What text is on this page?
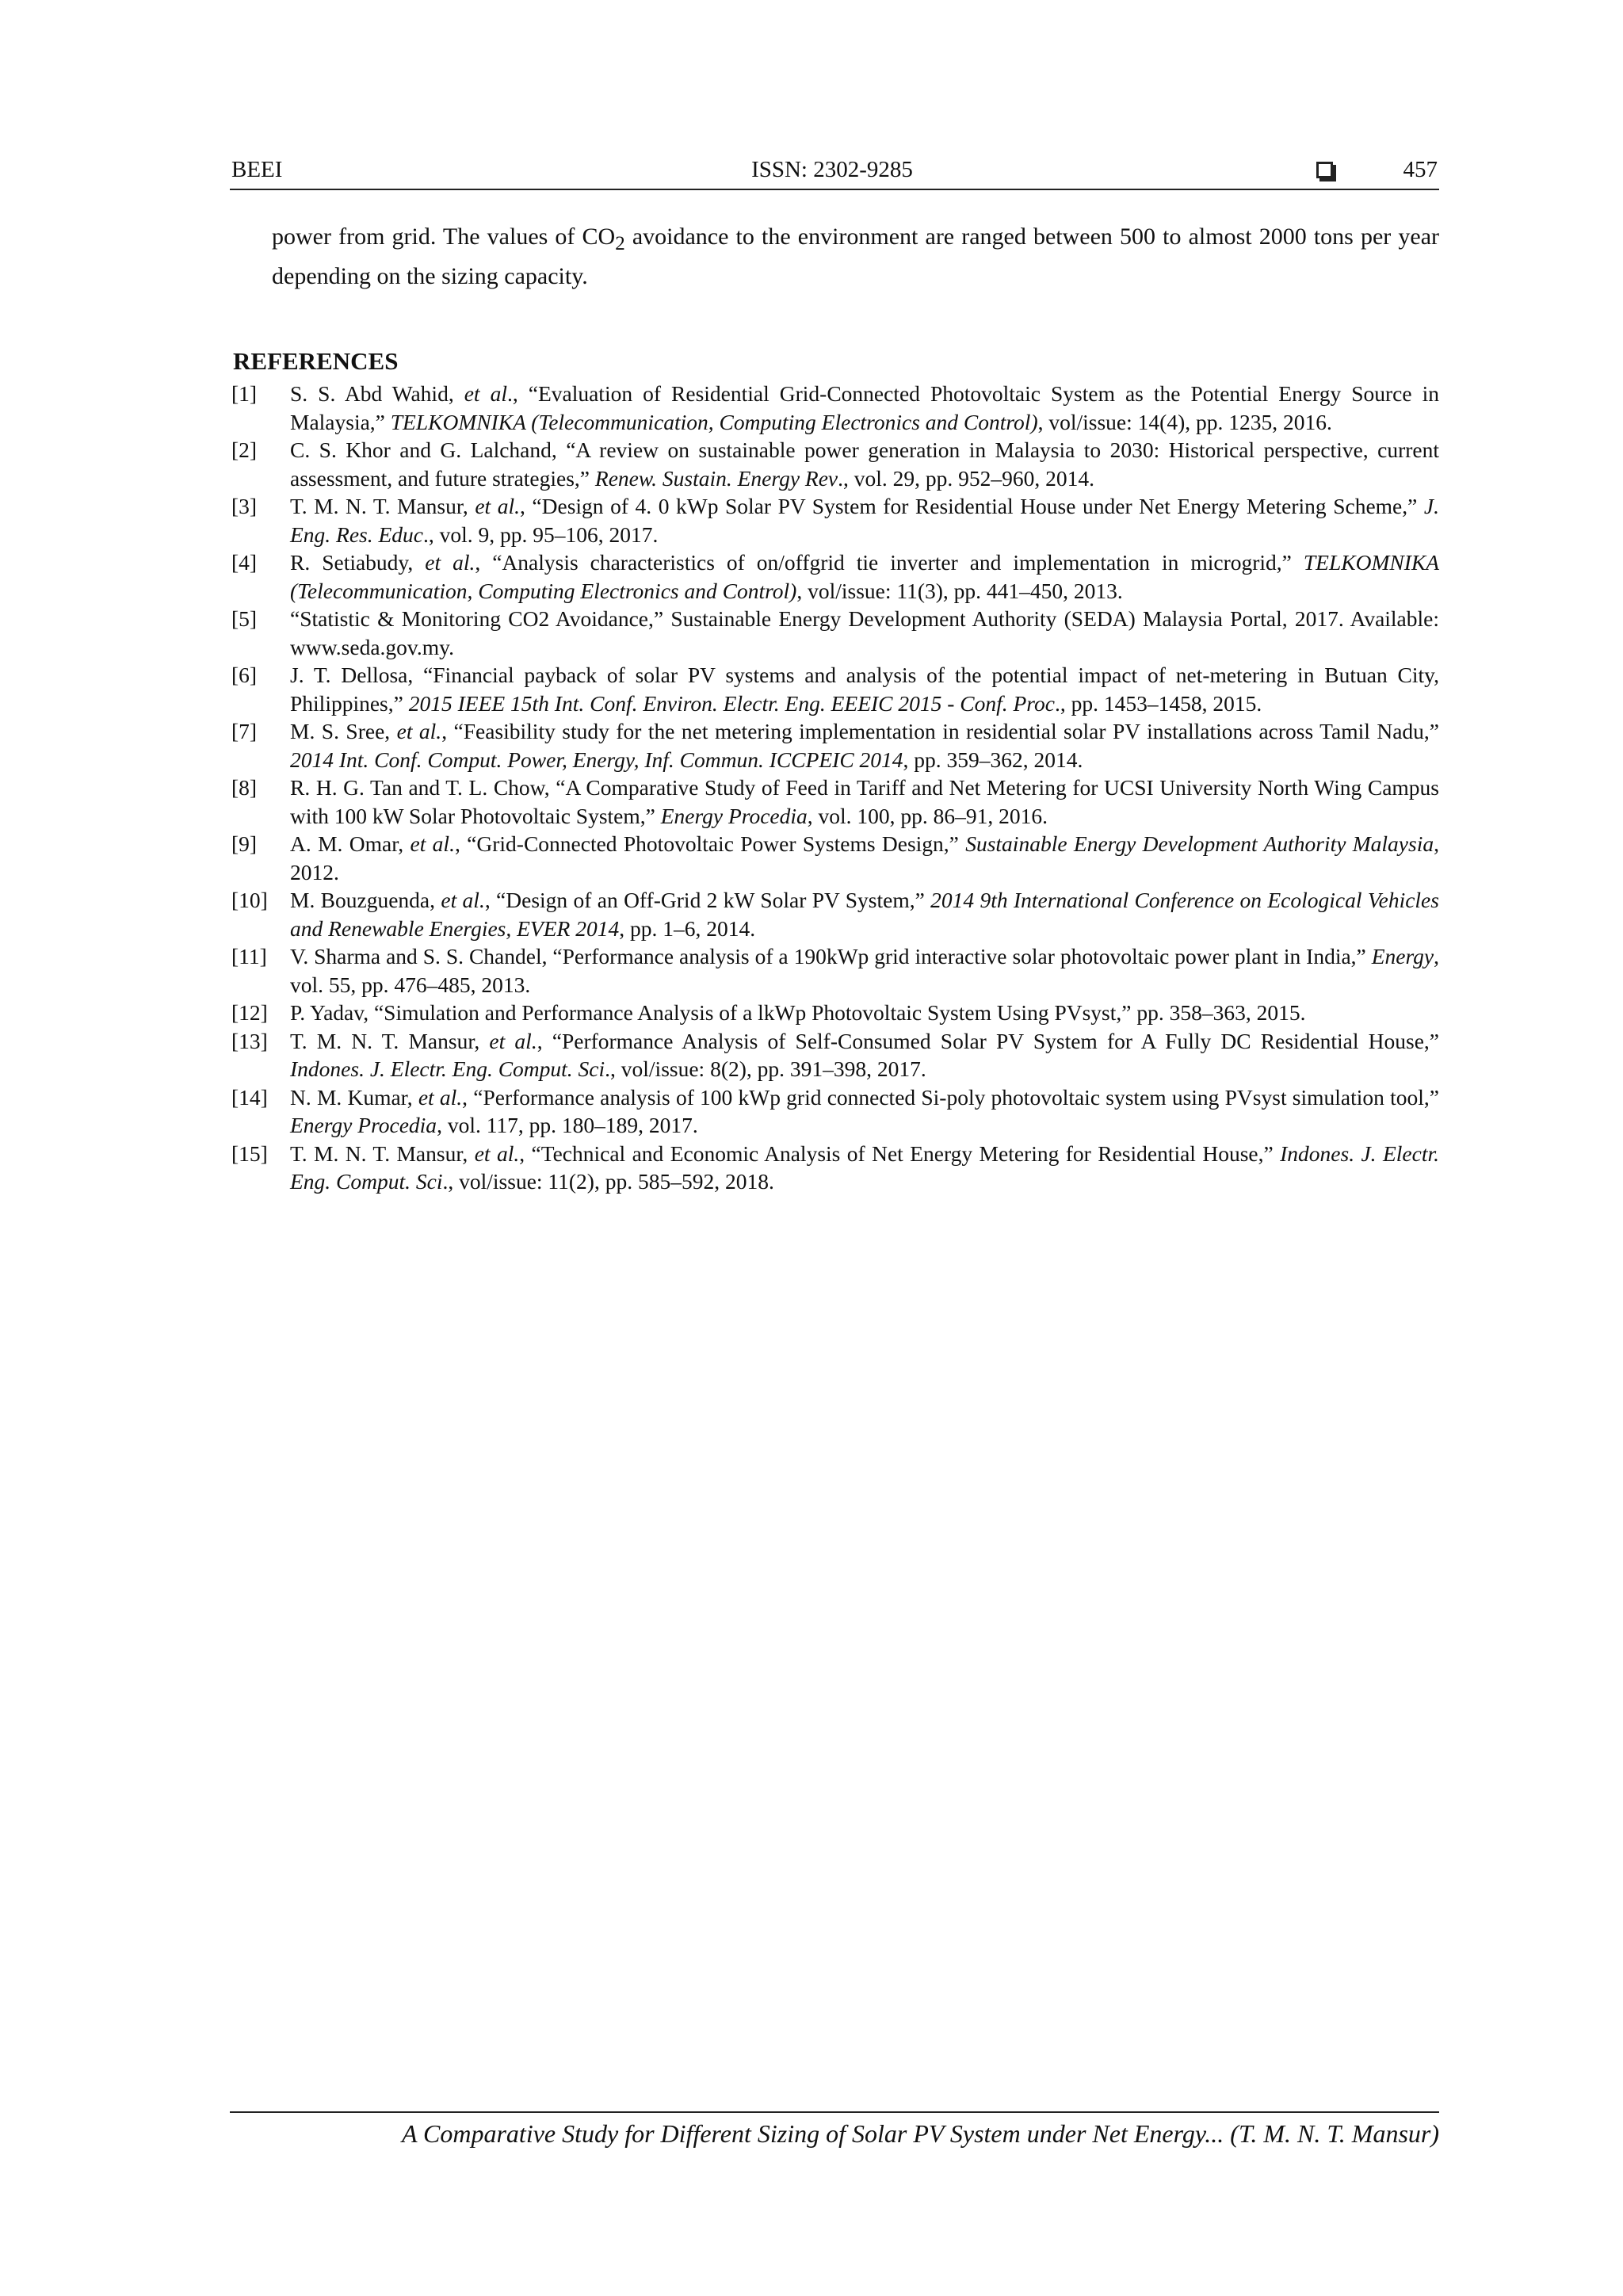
BEEI	ISSN: 2302-9285	457
power from grid. The values of $CO_2$ avoidance to the environment are ranged between 500 to almost 2000 tons per year depending on the sizing capacity.
REFERENCES
[1] S. S. Abd Wahid, et al., “Evaluation of Residential Grid-Connected Photovoltaic System as the Potential Energy Source in Malaysia,” TELKOMNIKA (Telecommunication, Computing Electronics and Control), vol/issue: 14(4), pp. 1235, 2016.
[2] C. S. Khor and G. Lalchand, “A review on sustainable power generation in Malaysia to 2030: Historical perspective, current assessment, and future strategies,” Renew. Sustain. Energy Rev., vol. 29, pp. 952–960, 2014.
[3] T. M. N. T. Mansur, et al., “Design of 4. 0 kWp Solar PV System for Residential House under Net Energy Metering Scheme,” J. Eng. Res. Educ., vol. 9, pp. 95–106, 2017.
[4] R. Setiabudy, et al., “Analysis characteristics of on/offgrid tie inverter and implementation in microgrid,” TELKOMNIKA (Telecommunication, Computing Electronics and Control), vol/issue: 11(3), pp. 441–450, 2013.
[5] “Statistic & Monitoring CO2 Avoidance,” Sustainable Energy Development Authority (SEDA) Malaysia Portal, 2017. Available: www.seda.gov.my.
[6] J. T. Dellosa, “Financial payback of solar PV systems and analysis of the potential impact of net-metering in Butuan City, Philippines,” 2015 IEEE 15th Int. Conf. Environ. Electr. Eng. EEEIC 2015 - Conf. Proc., pp. 1453–1458, 2015.
[7] M. S. Sree, et al., “Feasibility study for the net metering implementation in residential solar PV installations across Tamil Nadu,” 2014 Int. Conf. Comput. Power, Energy, Inf. Commun. ICCPEIC 2014, pp. 359–362, 2014.
[8] R. H. G. Tan and T. L. Chow, “A Comparative Study of Feed in Tariff and Net Metering for UCSI University North Wing Campus with 100 kW Solar Photovoltaic System,” Energy Procedia, vol. 100, pp. 86–91, 2016.
[9] A. M. Omar, et al., “Grid-Connected Photovoltaic Power Systems Design,” Sustainable Energy Development Authority Malaysia, 2012.
[10] M. Bouzguenda, et al., “Design of an Off-Grid 2 kW Solar PV System,” 2014 9th International Conference on Ecological Vehicles and Renewable Energies, EVER 2014, pp. 1–6, 2014.
[11] V. Sharma and S. S. Chandel, “Performance analysis of a 190kWp grid interactive solar photovoltaic power plant in India,” Energy, vol. 55, pp. 476–485, 2013.
[12] P. Yadav, “Simulation and Performance Analysis of a lkWp Photovoltaic System Using PVsyst,” pp. 358–363, 2015.
[13] T. M. N. T. Mansur, et al., “Performance Analysis of Self-Consumed Solar PV System for A Fully DC Residential House,” Indones. J. Electr. Eng. Comput. Sci., vol/issue: 8(2), pp. 391–398, 2017.
[14] N. M. Kumar, et al., “Performance analysis of 100 kWp grid connected Si-poly photovoltaic system using PVsyst simulation tool,” Energy Procedia, vol. 117, pp. 180–189, 2017.
[15] T. M. N. T. Mansur, et al., “Technical and Economic Analysis of Net Energy Metering for Residential House,” Indones. J. Electr. Eng. Comput. Sci., vol/issue: 11(2), pp. 585–592, 2018.
A Comparative Study for Different Sizing of Solar PV System under Net Energy... (T. M. N. T. Mansur)
